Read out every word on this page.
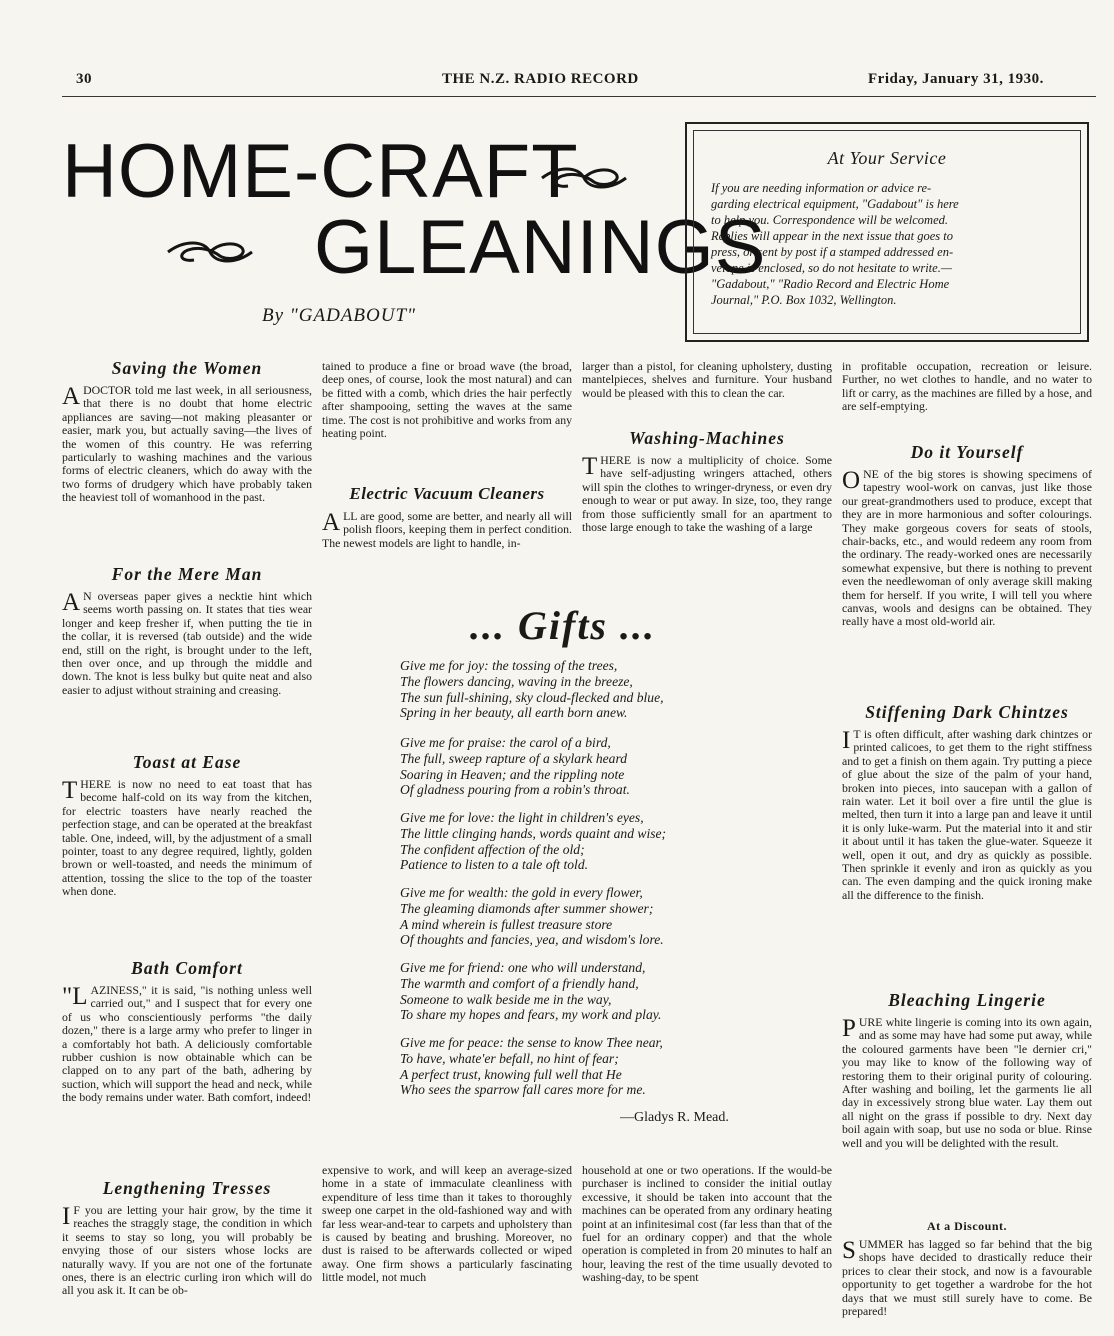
30	THE N.Z. RADIO RECORD	Friday, January 31, 1930.
HOME-CRAFT
GLEANINGS
By "GADABOUT"
At Your Service
If you are needing information or advice re-
garding electrical equipment, "Gadabout" is here
to help you. Correspondence will be welcomed.
Replies will appear in the next issue that goes to
press, or sent by post if a stamped addressed en-
velope is enclosed, so do not hesitate to write.—
"Gadabout," "Radio Record and Electric Home
Journal," P.O. Box 1032, Wellington.
Saving the Women

ADOCTOR told me last week, in all seriousness, that there is no doubt that home electric appliances are saving—not making pleasanter or easier, mark you, but actually saving—the lives of the women of this country. He was referring particularly to washing machines and the various forms of electric cleaners, which do away with the two forms of drudgery which have probably taken the heaviest toll of womanhood in the past.

For the Mere Man

A N overseas paper gives a necktie hint which seems worth passing on. It states that ties wear longer and keep fresher if, when putting the tie in the collar, it is reversed (tab outside) and the wide end, still on the right, is brought under to the left, then over once, and up through the middle and down. The knot is less bulky but quite neat and also easier to adjust without straining and creasing.

Toast at Ease

THERE is now no need to eat toast that has become half-cold on its way from the kitchen, for electric toasters have nearly reached the perfection stage, and can be operated at the breakfast table. One, indeed, will, by the adjustment of a small pointer, toast to any degree required, lightly, golden brown or well-toasted, and needs the minimum of attention, tossing the slice to the top of the toaster when done.

Bath Comfort

"LAZINESS," it is said, "is nothing unless well carried out," and I suspect that for every one of us who conscientiously performs "the daily dozen," there is a large army who prefer to linger in a comfortably hot bath. A deliciously comfortable rubber cushion is now obtainable which can be clapped on to any part of the bath, adhering by suction, which will support the head and neck, while the body remains under water. Bath comfort, indeed!

Lengthening Tresses

I F you are letting your hair grow, by the time it reaches the straggly stage, the condition in which it seems to stay so long, you will probably be envying those of our sisters whose locks are naturally wavy. If you are not one of the fortunate ones, there is an electric curling iron which will do all you ask it. It can be ob-

tained to produce a fine or broad wave (the broad, deep ones, of course, look the most natural) and can be fitted with a comb, which dries the hair perfectly after shampooing, setting the waves at the same time. The cost is not prohibitive and works from any heating point.

Electric Vacuum Cleaners

ALL are good, some are better, and nearly all will polish floors, keeping them in perfect condition. The newest models are light to handle, in-

larger than a pistol, for cleaning upholstery, dusting mantelpieces, shelves and furniture. Your husband would be pleased with this to clean the car.

Washing-Machines

THERE is now a multiplicity of choice. Some have self-adjusting wringers attached, others will spin the clothes to wringer-dryness, or even dry enough to wear or put away. In size, too, they range from those sufficiently small for an apartment to those large enough to take the washing of a large

... Gifts ...
Give me for joy: the tossing of the trees,
The flowers dancing, waving in the breeze,
The sun full-shining, sky cloud-flecked and blue,
Spring in her beauty, all earth born anew.
Give me for praise: the carol of a bird,
The full, sweep rapture of a skylark heard
Soaring in Heaven; and the rippling note
Of gladness pouring from a robin's throat.
Give me for love: the light in children's eyes,
The little clinging hands, words quaint and wise;
The confident affection of the old;
Patience to listen to a tale oft told.
Give me for wealth: the gold in every flower,
The gleaming diamonds after summer shower;
A mind wherein is fullest treasure store
Of thoughts and fancies, yea, and wisdom's lore.
Give me for friend: one who will understand,
The warmth and comfort of a friendly hand,
Someone to walk beside me in the way,
To share my hopes and fears, my work and play.
Give me for peace: the sense to know Thee near,
To have, whate'er befall, no hint of fear;
A perfect trust, knowing full well that He
Who sees the sparrow fall cares more for me.
—Gladys R. Mead.

in profitable occupation, recreation or leisure. Further, no wet clothes to handle, and no water to lift or carry, as the machines are filled by a hose, and are self-emptying.

Do it Yourself

ONE of the big stores is showing specimens of tapestry wool-work on canvas, just like those our great-grandmothers used to produce, except that they are in more harmonious and softer colourings. They make gorgeous covers for seats of stools, chair-backs, etc., and would redeem any room from the ordinary. The ready-worked ones are necessarily somewhat expensive, but there is nothing to prevent even the needlewoman of only average skill making them for herself. If you write, I will tell you where canvas, wools and designs can be obtained. They really have a most old-world air.

Stiffening Dark Chintzes

I T is often difficult, after washing dark chintzes or printed calicoes, to get them to the right stiffness and to get a finish on them again. Try putting a piece of glue about the size of the palm of your hand, broken into pieces, into saucepan with a gallon of rain water. Let it boil over a fire until the glue is melted, then turn it into a large pan and leave it until it is only luke-warm. Put the material into it and stir it about until it has taken the glue-water. Squeeze it well, open it out, and dry as quickly as possible. Then sprinkle it evenly and iron as quickly as you can. The even damping and the quick ironing make all the difference to the finish.

Bleaching Lingerie

PURE white lingerie is coming into its own again, and as some may have had some put away, while the coloured garments have been "le dernier cri," you may like to know of the following way of restoring them to their original purity of colouring. After washing and boiling, let the garments lie all day in excessively strong blue water. Lay them out all night on the grass if possible to dry. Next day boil again with soap, but use no soda or blue. Rinse well and you will be delighted with the result.

At a Discount.

SUMMER has lagged so far behind that the big shops have decided to drastically reduce their prices to clear their stock, and now is a favourable opportunity to get together a wardrobe for the hot days that we must still surely have to come. Be prepared!

expensive to work, and will keep an average-sized home in a state of immaculate cleanliness with expenditure of less time than it takes to thoroughly sweep one carpet in the old-fashioned way and with far less wear-and-tear to carpets and upholstery than is caused by beating and brushing. Moreover, no dust is raised to be afterwards collected or wiped away. One firm shows a particularly fascinating little model, not much

household at one or two operations. If the would-be purchaser is inclined to consider the initial outlay excessive, it should be taken into account that the machines can be operated from any ordinary heating point at an infinitesimal cost (far less than that of the fuel for an ordinary copper) and that the whole operation is completed in from 20 minutes to half an hour, leaving the rest of the time usually devoted to washing-day, to be spent
